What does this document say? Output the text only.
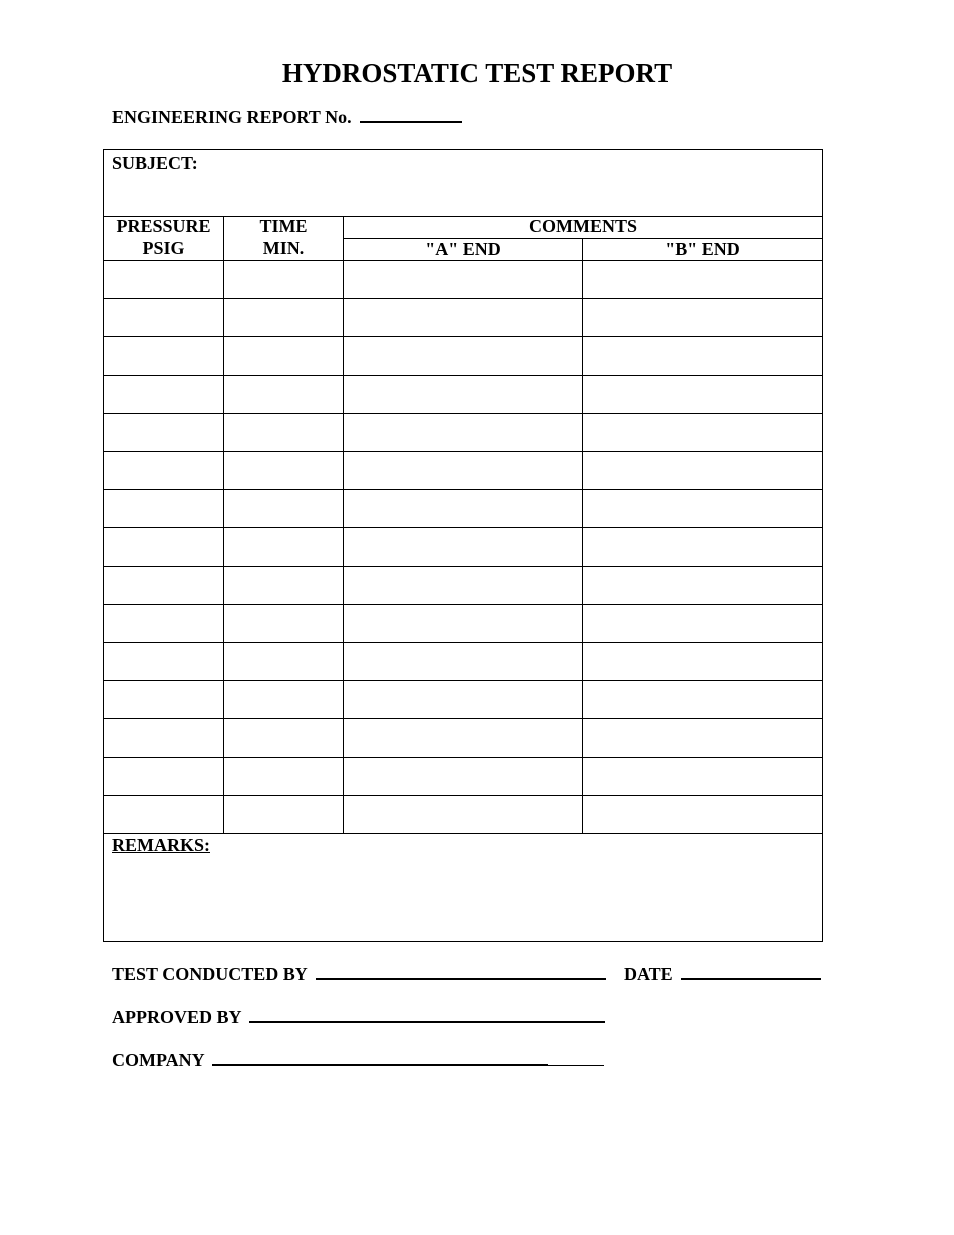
HYDROSTATIC TEST REPORT
ENGINEERING REPORT No.
SUBJECT:
PRESSURE
PSIG
TIME
MIN.
COMMENTS
"A" END	"B" END
REMARKS:
TEST CONDUCTED BY	DATE
APPROVED BY
COMPANY
